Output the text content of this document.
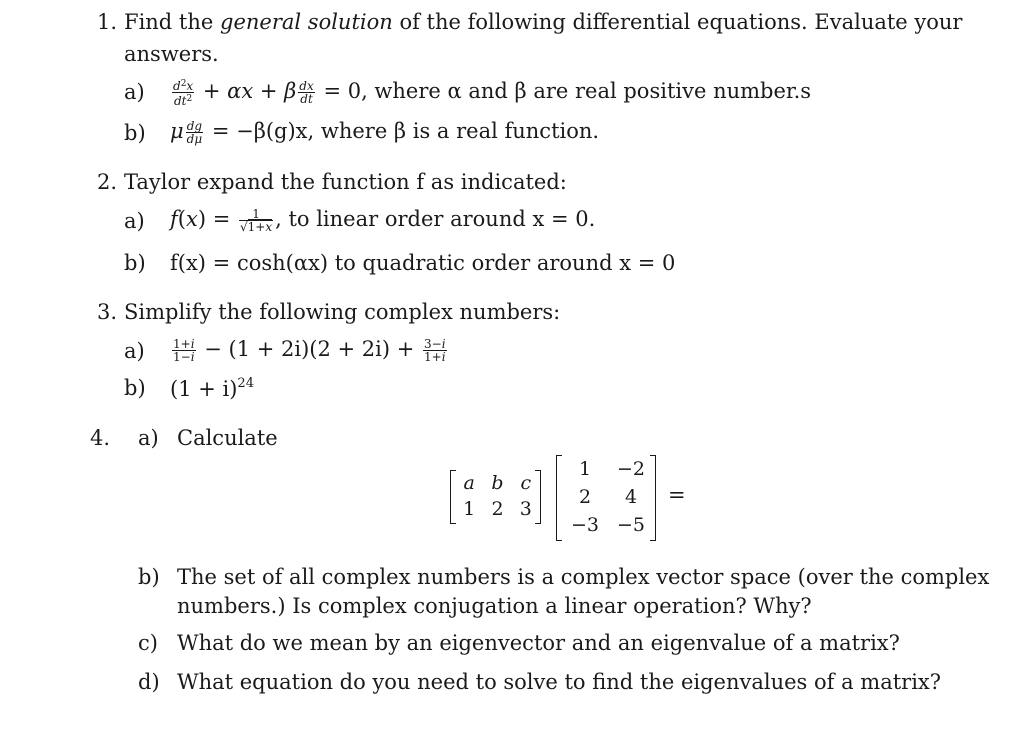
1. Find the general solution of the following differential equations. Evaluate your
answers.
$a) \frac{d^2x}{dt^2} + \alpha x + \beta \frac{dx}{dt} = 0$, where α and β are real positive number.s
b) μ $\frac{dg}{d\mu} = -\beta(g)x$, where β is a real function.
2. Taylor expand the function f as indicated:
a) $f(x) = \frac{1}{√1+x}$ , to linear order around x = 0.
b) f(x) = cosh(αx) to quadratic order around x = 0
3. Simplify the following complex numbers:
$a) \frac{1+i}{1-i} - (1 + 2i)(2 + 2i) + \frac{3-i}{1+i}$
b) $(1 + i)^{24}$
4. a) Calculate
a b c
1 2 3
1	−2
2	4
−3 −5
=
b) The set of all complex numbers is a complex vector space (over the complex
numbers.) Is complex conjugation a linear operation? Why?
c) What do we mean by an eigenvector and an eigenvalue of a matrix?
d) What equation do you need to solve to find the eigenvalues of a matrix?
